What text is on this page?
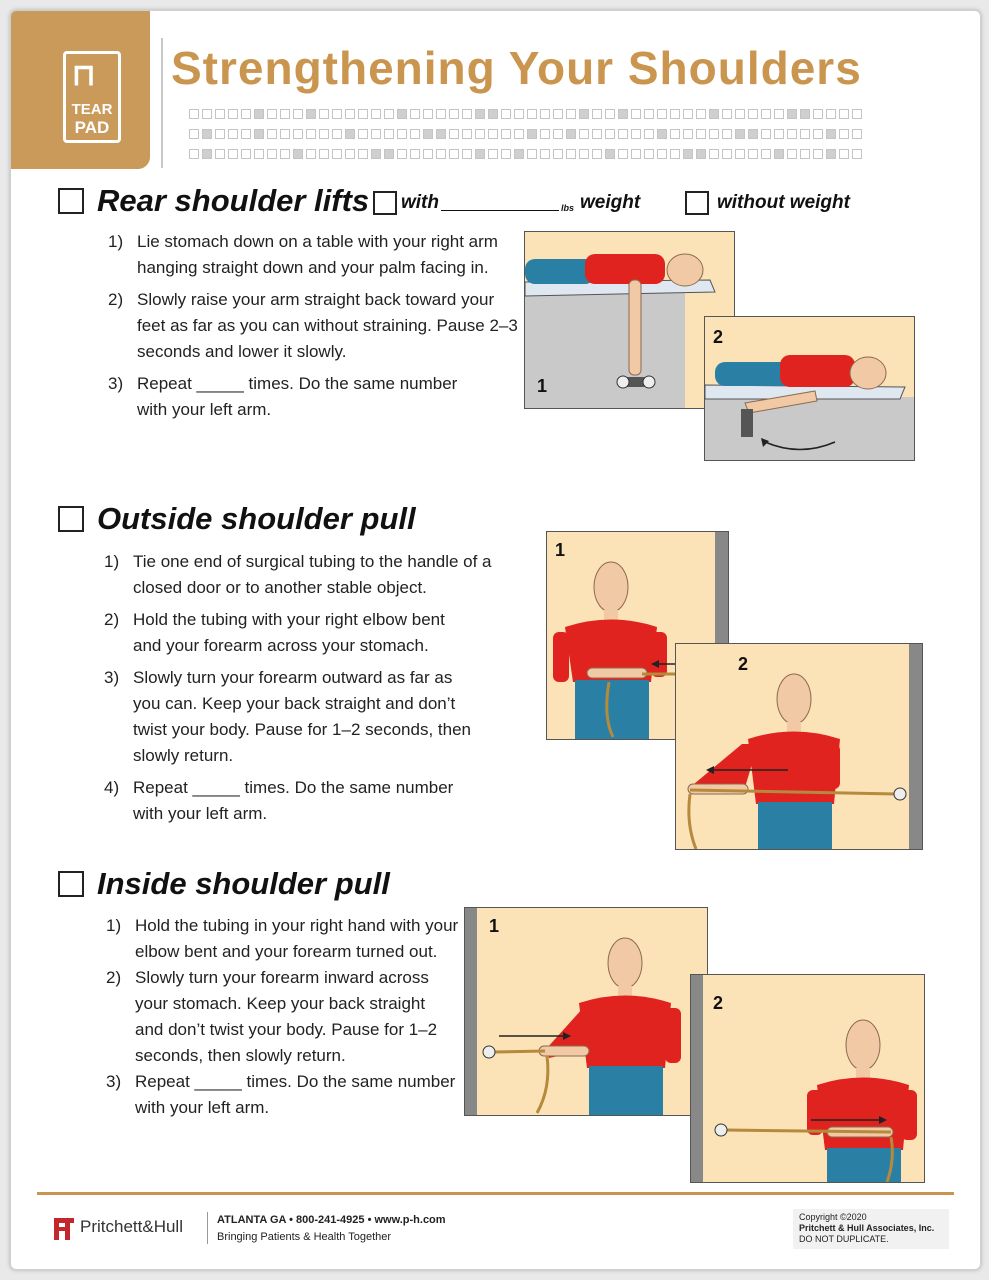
⊓
TEAR
PAD
Strengthening Your Shoulders
Rear shoulder lifts with	lbs weight	without weight
1) Lie stomach down on a table with your right arm hanging straight down and your palm facing in.
2) Slowly raise your arm straight back toward your feet as far as you can without straining. Pause 2–3 seconds and lower it slowly.
3) Repeat _____ times. Do the same number with your left arm.
1
2
Outside shoulder pull
1) Tie one end of surgical tubing to the handle of a closed door or to another stable object.
2) Hold the tubing with your right elbow bent and your forearm across your stomach.
3) Slowly turn your forearm outward as far as you can. Keep your back straight and don’t twist your body. Pause for 1–2 seconds, then slowly return.
4) Repeat _____ times. Do the same number with your left arm.
1
2
Inside shoulder pull
1) Hold the tubing in your right hand with your elbow bent and your forearm turned out.
2) Slowly turn your forearm inward across your stomach. Keep your back straight and don’t twist your body. Pause for 1–2 seconds, then slowly return.
3) Repeat _____ times. Do the same number with your left arm.
1
2
Pritchett&Hull	ATLANTA GA • 800-241-4925 • www.p-h.com
Bringing Patients & Health Together
Copyright ©2020
Pritchett & Hull Associates, Inc.
DO NOT DUPLICATE.
